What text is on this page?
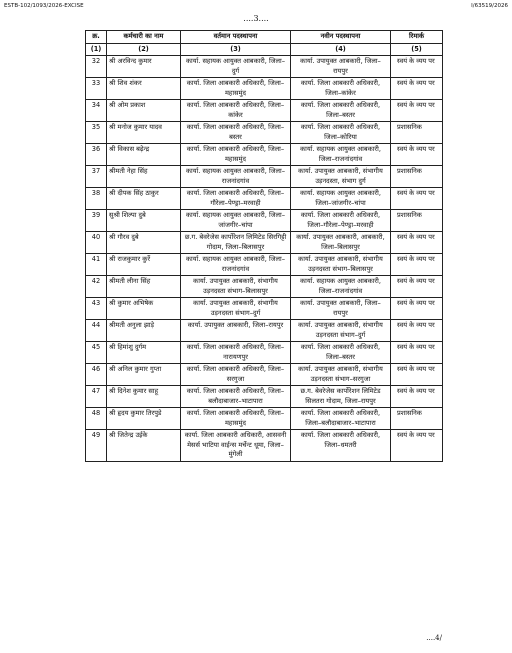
ESTB-102/1093/2026-EXCISE	I/63519/2026
....3....
क्र.	कर्मचारी का नाम	वर्तमान पदस्थापना	नवीन पदस्थापना	रिमार्क
(1)	(2)	(3)	(4)	(5)
32	श्री अरविन्द कुमार	कार्या. सहायक आयुक्त आबकारी, जिला–दुर्ग	कार्या. उपायुक्त आबकारी, जिला–रायपुर	स्वयं के व्यय पर
33	श्री शिव शंकर	कार्या. जिला आबकारी अधिकारी, जिला–महासमुंद	कार्या. जिला आबकारी अधिकारी, जिला–कांकेर	स्वयं के व्यय पर
34	श्री ओम प्रकाश	कार्या. जिला आबकारी अधिकारी, जिला–कांकेर	कार्या. जिला आबकारी अधिकारी, जिला–बस्तर	स्वयं के व्यय पर
35	श्री मनोज कुमार यादव	कार्या. जिला आबकारी अधिकारी, जिला–बस्तर	कार्या. जिला आबकारी अधिकारी, जिला–कोरिया	प्रशासनिक
36	श्री विकास बढ़ेन्द्र	कार्या. जिला आबकारी अधिकारी, जिला–महासमुंद	कार्या. सहायक आयुक्त आबकारी, जिला–राजनांदगांव	स्वयं के व्यय पर
37	श्रीमती नेहा सिंह	कार्या. सहायक आयुक्त आबकारी, जिला–राजनांदगांव	कार्या. उपायुक्त आबकारी, संभागीय उड़नदस्ता, संभाग दुर्ग	प्रशासनिक
38	श्री दीपक सिंह ठाकुर	कार्या. जिला आबकारी अधिकारी, जिला–गौरेला–पेण्ड्रा–मरवाही	कार्या. सहायक आयुक्त आबकारी, जिला–जांजगीर–चांपा	स्वयं के व्यय पर
39	सुश्री शिल्पा दुबे	कार्या. सहायक आयुक्त आबकारी, जिला–जांजगीर–चांपा	कार्या. जिला आबकारी अधिकारी, जिला–गौरेला–पेण्ड्रा–मरवाही	प्रशासनिक
40	श्री गौरव दुबे	छ.ग. बेवरेजेस कार्पोरेशन लिमिटेड सिरगिट्टी गोदाम, जिला–बिलासपुर	कार्या. उपायुक्त आबकारी, आबकारी, जिला–बिलासपुर	स्वयं के व्यय पर
41	श्री राजकुमार कुर्रे	कार्या. सहायक आयुक्त आबकारी, जिला–राजनांदगांव	कार्या. उपायुक्त आबकारी, संभागीय उड़नदस्ता संभाग–बिलासपुर	स्वयं के व्यय पर
42	श्रीमती लीना सिंह	कार्या. उपायुक्त आबकारी, संभागीय उड़नदस्ता संभाग–बिलासपुर	कार्या. सहायक आयुक्त आबकारी, जिला–राजनांदगांव	स्वयं के व्यय पर
43	श्री कुमार अभिषेक	कार्या. उपायुक्त आबकारी, संभागीय उड़नदस्ता संभाग–दुर्ग	कार्या. उपायुक्त आबकारी, जिला–रायपुर	स्वयं के व्यय पर
44	श्रीमती अनुला झाड़े	कार्या. उपायुक्त आबकारी, जिला–रायपुर	कार्या. उपायुक्त आबकारी, संभागीय उड़नदस्ता संभाग–दुर्ग	स्वयं के व्यय पर
45	श्री हिमांशु दुर्गम	कार्या. जिला आबकारी अधिकारी, जिला–नारायणपुर	कार्या. जिला आबकारी अधिकारी, जिला–बस्तर	स्वयं के व्यय पर
46	श्री अनिल कुमार गुप्ता	कार्या. जिला आबकारी अधिकारी, जिला–सरगुजा	कार्या. उपायुक्त आबकारी, संभागीय उड़नदस्ता संभाग–सरगुजा	स्वयं के व्यय पर
47	श्री दिनेश कुमार साहू	कार्या. जिला आबकारी अधिकारी, जिला–बलौदाबाजार–भाटापारा	छ.ग. बेवरेजेस कार्पोरेशन लिमिटेड सिलतरा गोदाम, जिला–रायपुर	स्वयं के व्यय पर
48	श्री हृदय कुमार तिरपुडे	कार्या. जिला आबकारी अधिकारी, जिला–महासमुंद	कार्या. जिला आबकारी अधिकारी, जिला–बलौदाबाजार–भाटापारा	प्रशासनिक
49	श्री जितेन्द्र उईके	कार्या. जिला आबकारी अधिकारी, आसवनी मेसर्स भाटिया वाईन्स मर्चेन्ट धूमा, जिला–मुंगेली	कार्या. जिला आबकारी अधिकारी, जिला–धमतरी	स्वयं के व्यय पर
....4/
